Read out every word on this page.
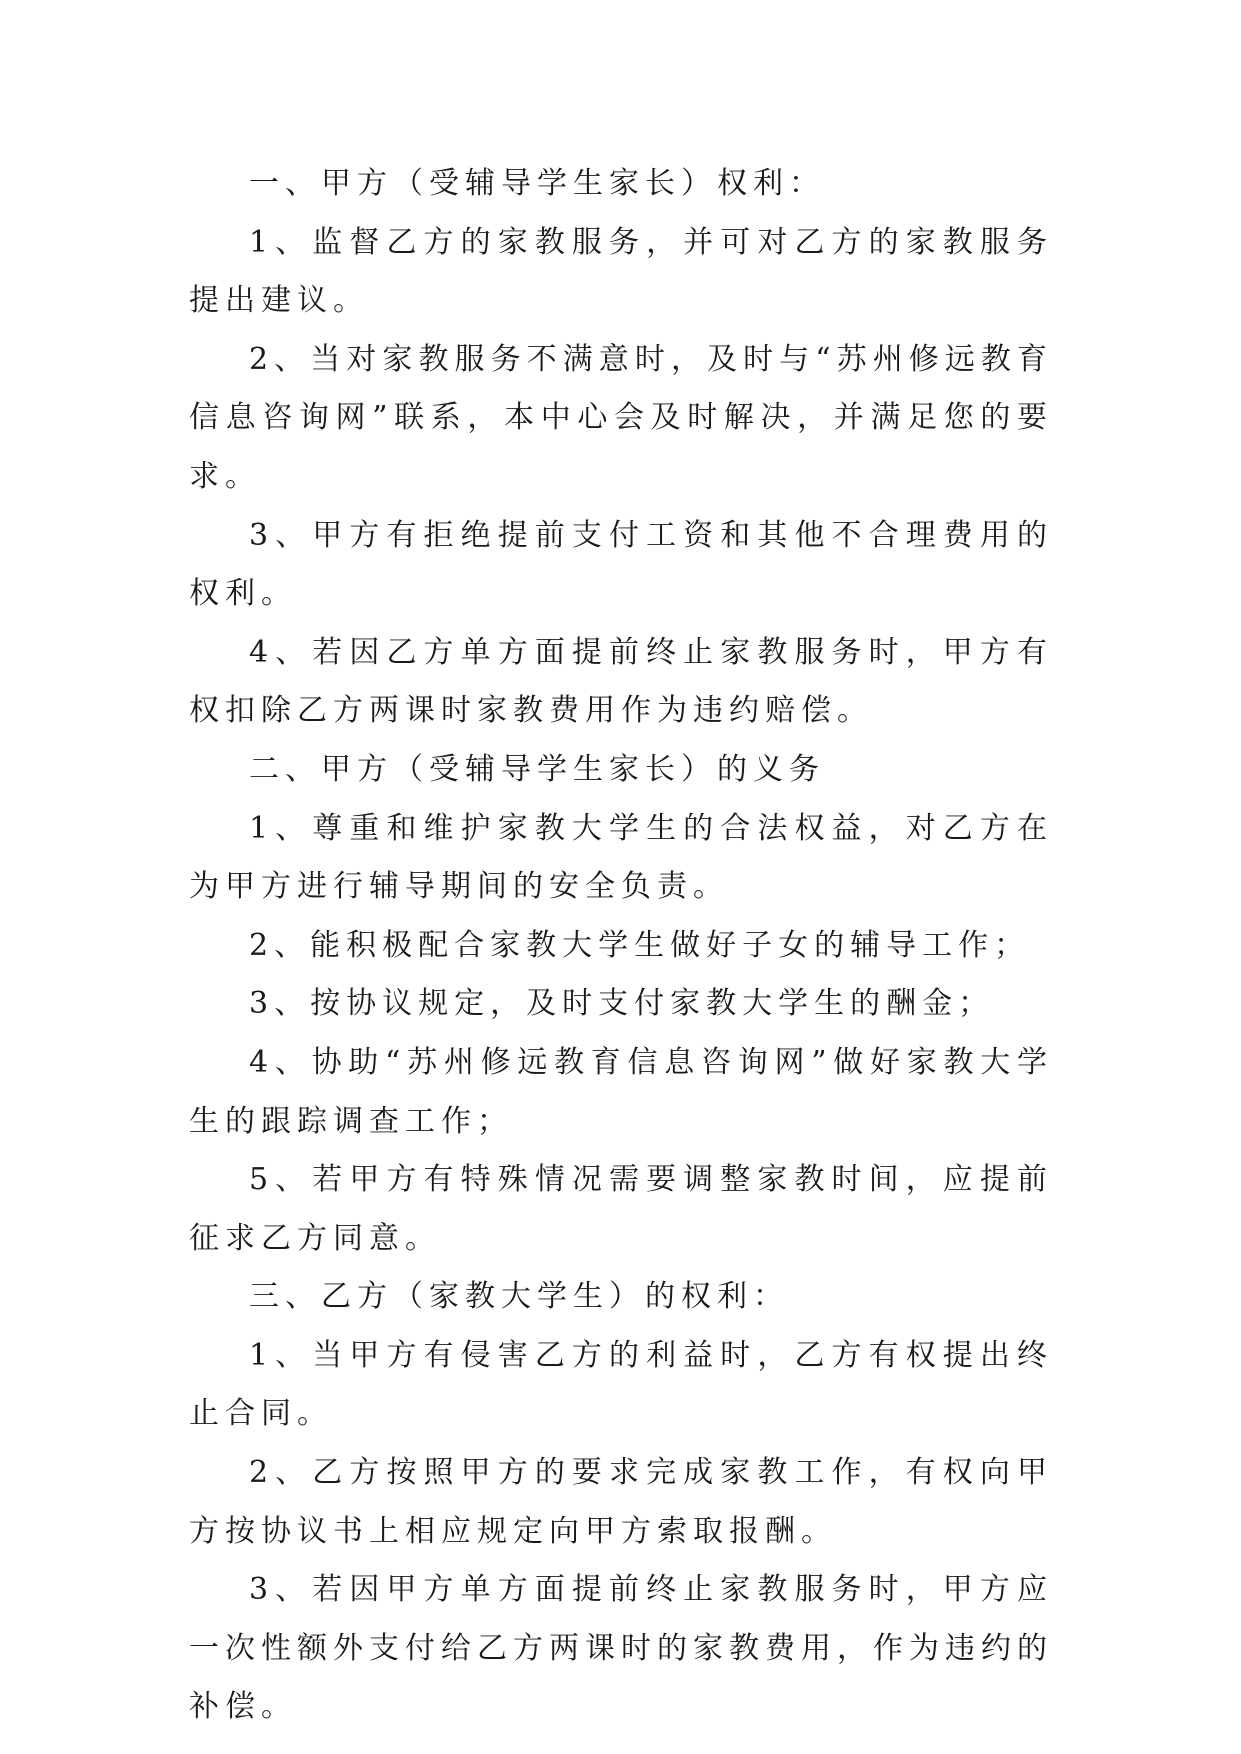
一、甲方（受辅导学生家长）权利：

1、监督乙方的家教服务，并可对乙方的家教服务提出建议。

2、当对家教服务不满意时，及时与“苏州修远教育信息咨询网”联系，本中心会及时解决，并满足您的要求。

3、甲方有拒绝提前支付工资和其他不合理费用的权利。

4、若因乙方单方面提前终止家教服务时，甲方有权扣除乙方两课时家教费用作为违约赔偿。

二、甲方（受辅导学生家长）的义务

1、尊重和维护家教大学生的合法权益，对乙方在为甲方进行辅导期间的安全负责。

2、能积极配合家教大学生做好子女的辅导工作；

3、按协议规定，及时支付家教大学生的酬金；

4、协助“苏州修远教育信息咨询网”做好家教大学生的跟踪调查工作；

5、若甲方有特殊情况需要调整家教时间，应提前征求乙方同意。

三、乙方（家教大学生）的权利：

1、当甲方有侵害乙方的利益时，乙方有权提出终止合同。

2、乙方按照甲方的要求完成家教工作，有权向甲方按协议书上相应规定向甲方索取报酬。

3、若因甲方单方面提前终止家教服务时，甲方应一次性额外支付给乙方两课时的家教费用，作为违约的补偿。
